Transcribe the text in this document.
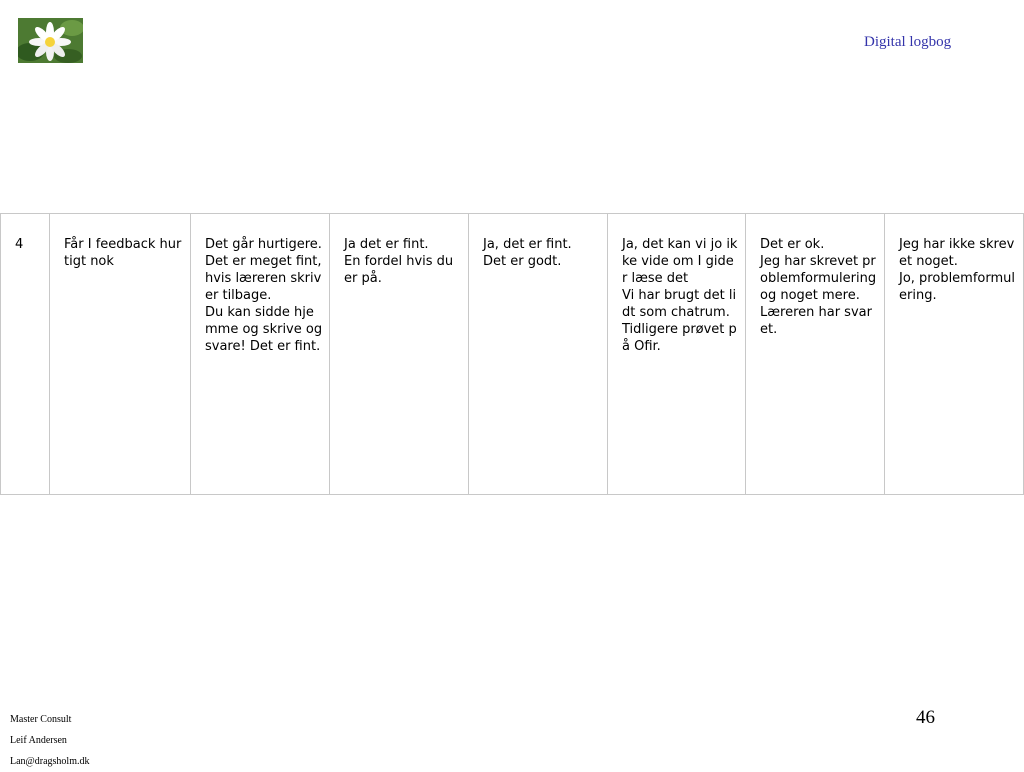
Digital logbog
4	Får I feedback hurtigt nok	Det går hurtigere.
Det er meget fint, hvis læreren skriver tilbage.
Du kan sidde hjemme og skrive og svare! Det er fint.	Ja det er fint.
En fordel hvis du er på.	Ja, det er fint.
Det er godt.	Ja, det kan vi jo ikke vide om I gider læse det
Vi har brugt det lidt som chatrum.
Tidligere prøvet på Ofir.	Det er ok.
Jeg har skrevet problemformulering og noget mere.
Læreren har svaret.	Jeg har ikke skrevet noget.
Jo, problemformulering.
Master Consult
Leif Andersen
Lan@dragsholm.dk
46
